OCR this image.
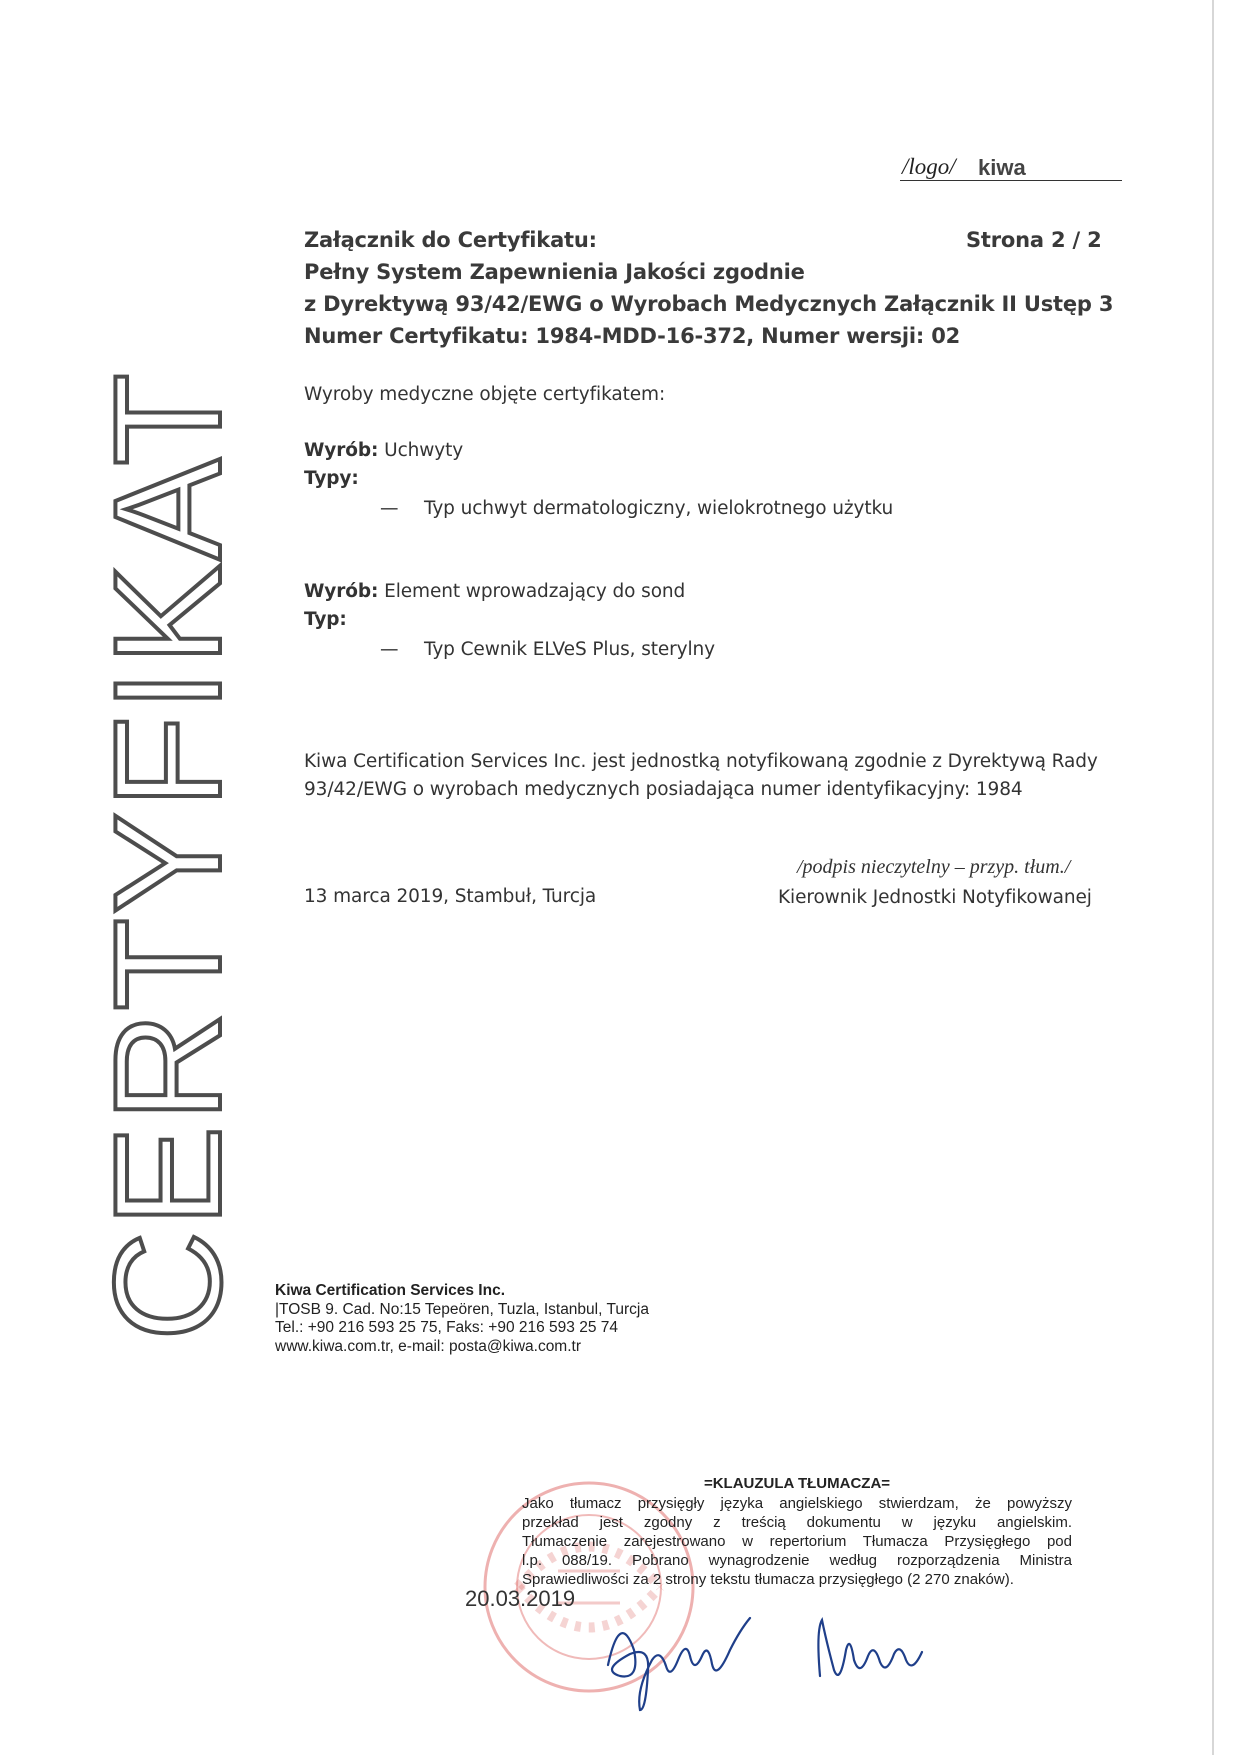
/logo/ kiwa
Załącznik do Certyfikatu:	Strona 2 / 2
Pełny System Zapewnienia Jakości zgodnie
z Dyrektywą 93/42/EWG o Wyrobach Medycznych Załącznik II Ustęp 3
Numer Certyfikatu: 1984-MDD-16-372, Numer wersji: 02
CERTYFIKAT	Wyroby medyczne objęte certyfikatem:
Wyrób: Uchwyty
Typy:
— Typ uchwyt dermatologiczny, wielokrotnego użytku
Wyrób: Element wprowadzający do sond
Typ:
— Typ Cewnik ELVeS Plus, sterylny
Kiwa Certification Services Inc. jest jednostką notyfikowaną zgodnie z Dyrektywą Rady
93/42/EWG o wyrobach medycznych posiadająca numer identyfikacyjny: 1984
13 marca 2019, Stambuł, Turcja
/podpis nieczytelny – przyp. tłum./
Kierownik Jednostki Notyfikowanej
Kiwa Certification Services Inc.
|TOSB 9. Cad. No:15 Tepeören, Tuzla, Istanbul, Turcja
Tel.: +90 216 593 25 75, Faks: +90 216 593 25 74
www.kiwa.com.tr, e-mail: posta@kiwa.com.tr
=KLAUZULA TŁUMACZA=
Jako tłumacz przysięgły języka angielskiego stwierdzam, że powyższy
przekład jest zgodny z treścią dokumentu w języku angielskim.
Tłumaczenie zarejestrowano w repertorium Tłumacza Przysięgłego pod
l.p. 088/19. Pobrano wynagrodzenie według rozporządzenia Ministra
Sprawiedliwości za 2 strony tekstu tłumacza przysięgłego (2 270 znaków).
20.03.2019
